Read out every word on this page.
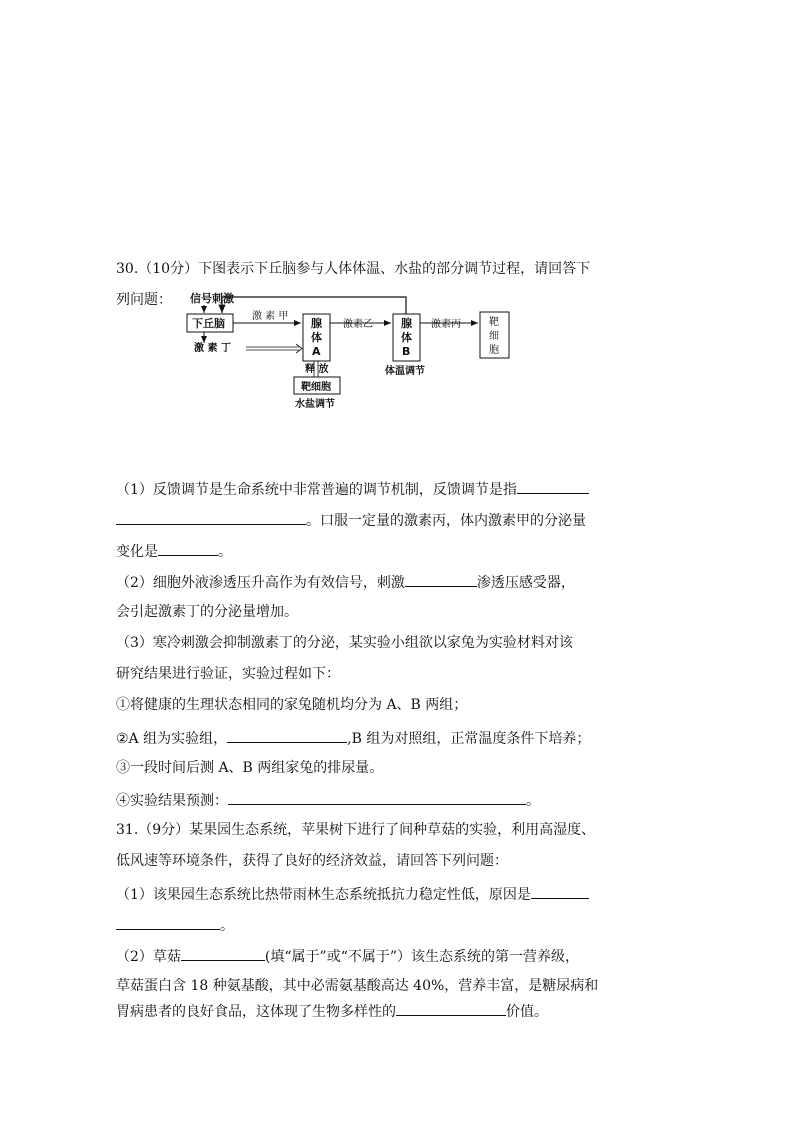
30.（10分）下图表示下丘脑参与人体体温、水盐的部分调节过程，请回答下
列问题： 信号刺激
下丘脑
激 素 甲
腺
体
A
激素乙	腺
体
B
体温调节
激素丙	靶
细
胞
激 素 丁
释 放
靶细胞
水盐调节
（1）反馈调节是生命系统中非常普遍的调节机制，反馈调节是指
。口服一定量的激素丙，体内激素甲的分泌量
变化是	。
（2）细胞外液渗透压升高作为有效信号，刺激	渗透压感受器，
会引起激素丁的分泌量增加。
（3）寒冷刺激会抑制激素丁的分泌，某实验小组欲以家兔为实验材料对该
研究结果进行验证，实验过程如下：
①将健康的生理状态相同的家兔随机均分为 A、B 两组；
②A 组为实验组，	,B 组为对照组，正常温度条件下培养；
③一段时间后测 A、B 两组家兔的排尿量。
④实验结果预测：	。
31.（9分）某果园生态系统，苹果树下进行了间种草菇的实验，利用高湿度、
低风速等环境条件，获得了良好的经济效益，请回答下列问题：
（1）该果园生态系统比热带雨林生态系统抵抗力稳定性低，原因是
。
（2）草菇	(填“属于”或“不属于”）该生态系统的第一营养级，
草菇蛋白含 18 种氨基酸，其中必需氨基酸高达 40%，营养丰富，是糖尿病和
胃病患者的良好食品，这体现了生物多样性的	价值。
